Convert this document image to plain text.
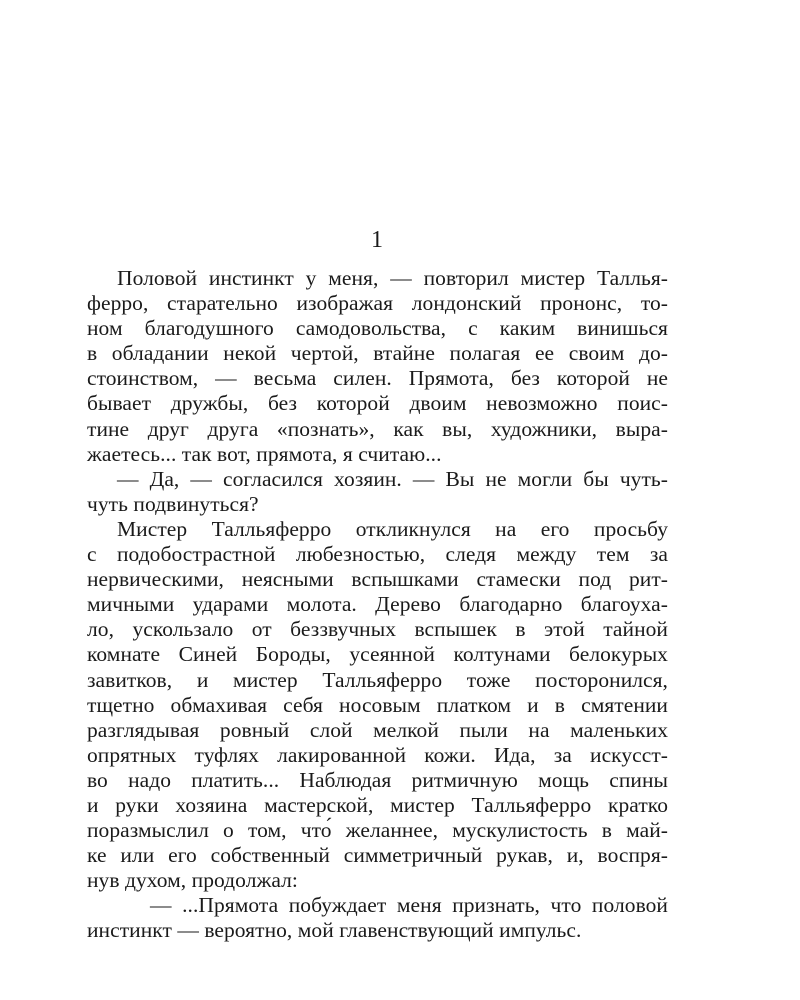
1
Половой инстинкт у меня, — повторил мистер Таллья-
ферро, старательно изображая лондонский прононс, то-
ном благодушного самодовольства, с каким винишься
в обладании некой чертой, втайне полагая ее своим до-
стоинством, — весьма силен. Прямота, без которой не
бывает дружбы, без которой двоим невозможно поис-
тине друг друга «познать», как вы, художники, выра-
жаетесь... так вот, прямота, я считаю...
— Да, — согласился хозяин. — Вы не могли бы чуть-
чуть подвинуться?
Мистер Талльяферро откликнулся на его просьбу
с подобострастной любезностью, следя между тем за
нервическими, неясными вспышками стамески под рит-
мичными ударами молота. Дерево благодарно благоуха-
ло, ускользало от беззвучных вспышек в этой тайной
комнате Синей Бороды, усеянной колтунами белокурых
завитков, и мистер Талльяферро тоже посторонился,
тщетно обмахивая себя носовым платком и в смятении
разглядывая ровный слой мелкой пыли на маленьких
опрятных туфлях лакированной кожи. Ида, за искусст-
во надо платить... Наблюдая ритмичную мощь спины
и руки хозяина мастерской, мистер Талльяферро кратко
поразмыслил о том, что́ желаннее, мускулистость в май-
ке или его собственный симметричный рукав, и, воспря-
нув духом, продолжал:
— ...Прямота побуждает меня признать, что половой
инстинкт — вероятно, мой главенствующий импульс.
